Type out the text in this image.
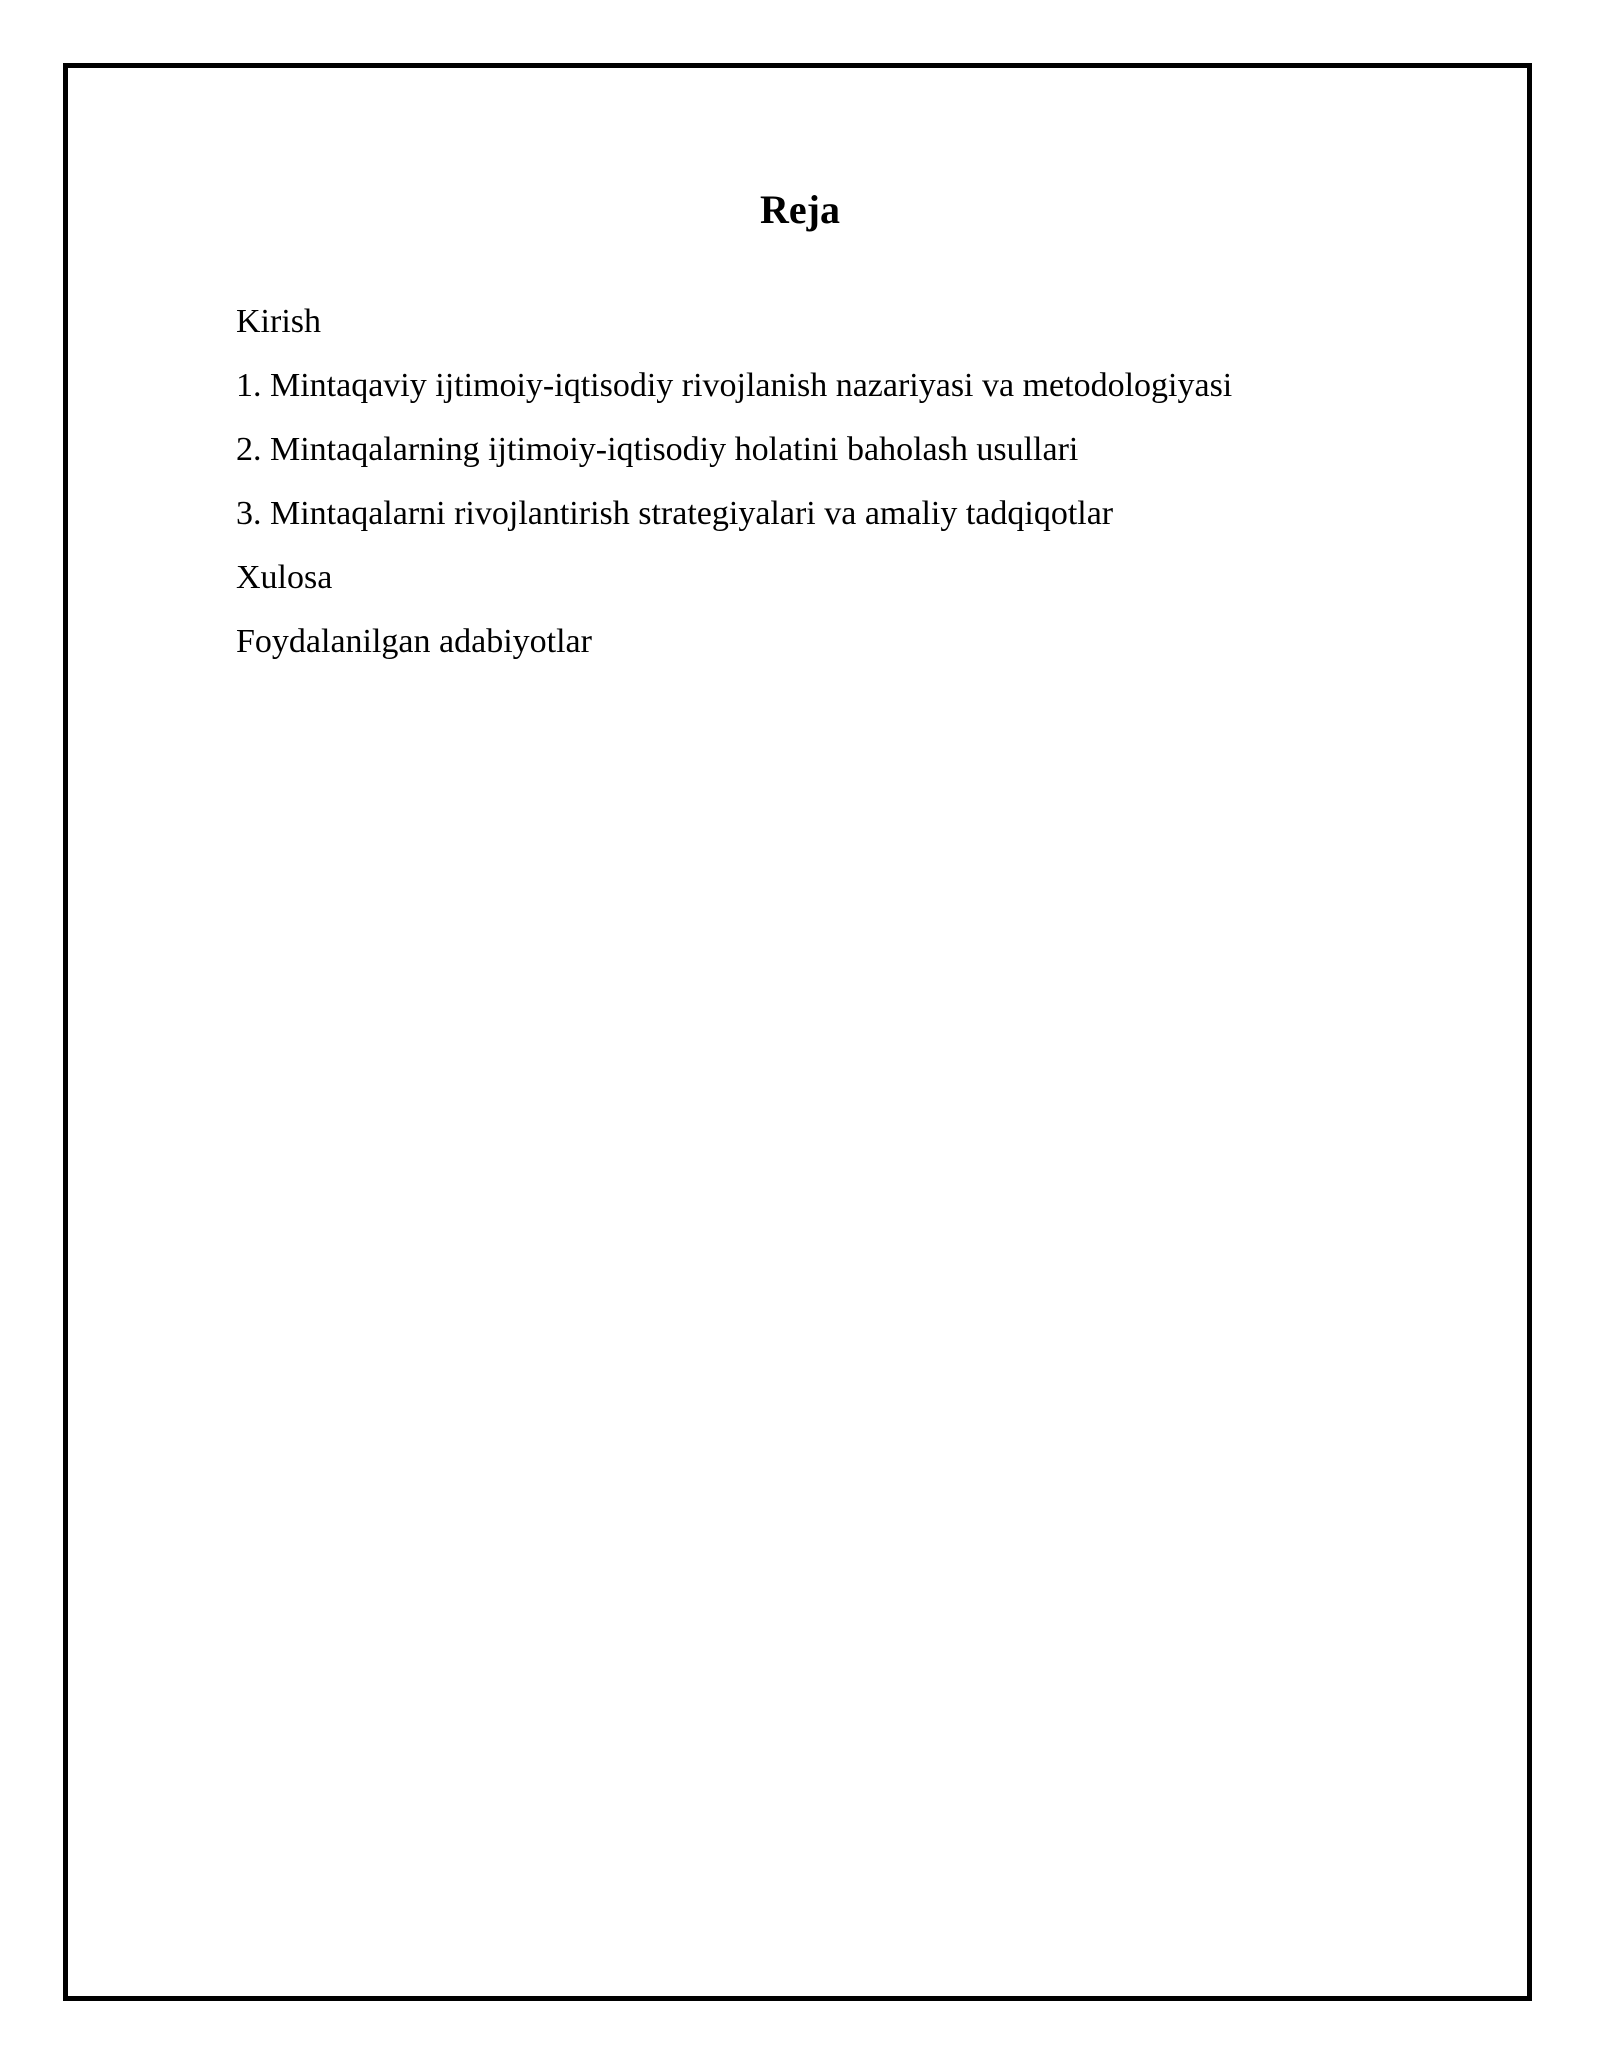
Reja
Kirish
1. Mintaqaviy ijtimoiy-iqtisodiy rivojlanish nazariyasi va metodologiyasi
2. Mintaqalarning ijtimoiy-iqtisodiy holatini baholash usullari
3. Mintaqalarni rivojlantirish strategiyalari va amaliy tadqiqotlar
Xulosa
Foydalanilgan adabiyotlar
